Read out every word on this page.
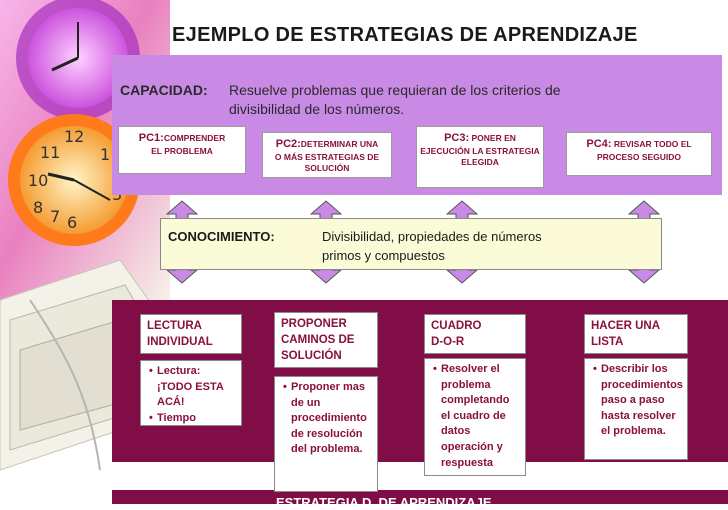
12
1
11
10
8 7 6
EJEMPLO DE ESTRATEGIAS DE APRENDIZAJE
CAPACIDAD: Resuelve problemas que requieran de los criterios de
divisibilidad de los números.
PC1:COMPRENDER
EL PROBLEMA
PC2:DETERMINAR UNA
O MÁS ESTRATEGIAS DE SOLUCIÓN
PC3: PONER EN
EJECUCIÓN LA ESTRATEGIA ELEGIDA
PC4: REVISAR TODO EL
PROCESO SEGUIDO
CONOCIMIENTO:	Divisibilidad, propiedades de números
primos y compuestos
LECTURA
INDIVIDUAL
• Lectura: ¡TODO ESTA ACÁ!
• Tiempo
PROPONER
CAMINOS DE
SOLUCIÓN
• Proponer mas de un procedimiento de resolución del problema.
CUADRO
D-O-R
• Resolver el problema completando el cuadro de datos operación y respuesta
HACER UNA
LISTA
• Describir los procedimientos paso a paso hasta resolver el problema.
ESTRATEGIA D. DE APRENDIZAJE
